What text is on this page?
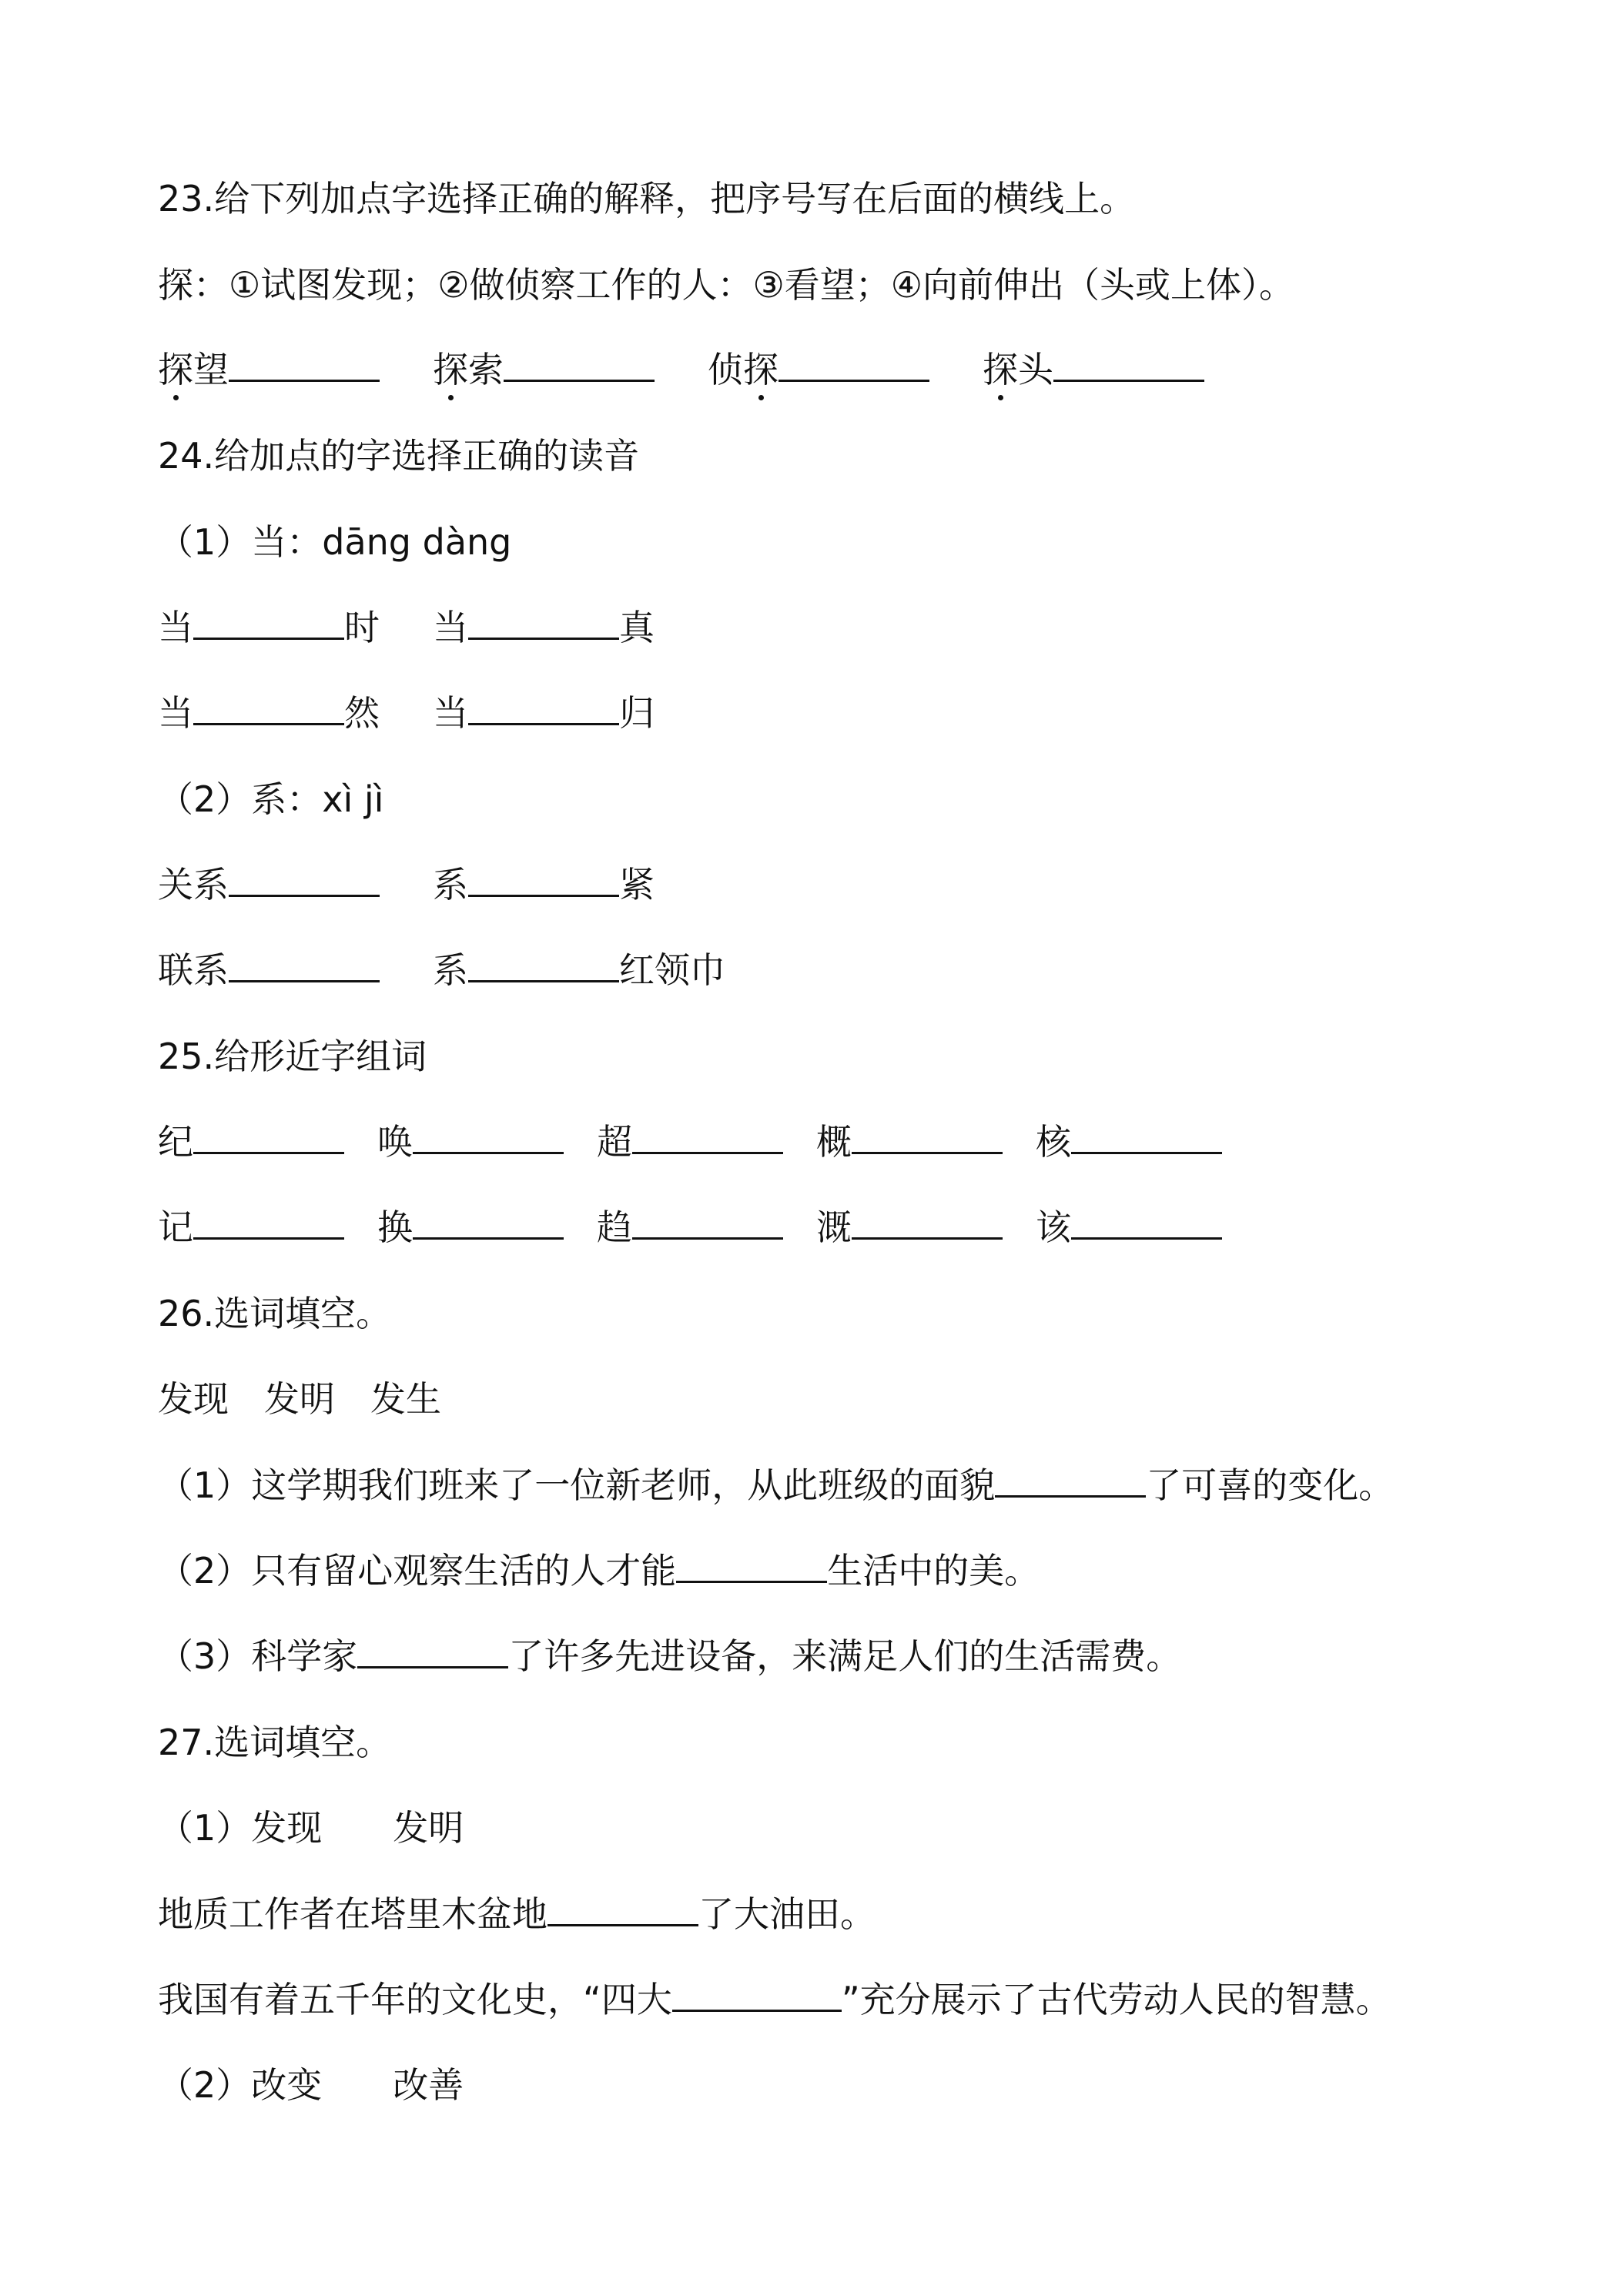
23.给下列加点字选择正确的解释，把序号写在后面的横线上。
探：①试图发现；②做侦察工作的人：③看望；④向前伸出（头或上体）。
探望	探索	侦探	探头
24.给加点的字选择正确的读音
（1）当：dāng dàng
当	时 当	真
当	然 当	归
（2）系：xì jì
关系	系	紧
联系	系	红领巾
25.给形近字组词
纪	唤	超	概	核
记	换	趋	溉	该
26.选词填空。
发现　发明　发生
（1）这学期我们班来了一位新老师，从此班级的面貌	了可喜的变化。
（2）只有留心观察生活的人才能	生活中的美。
（3）科学家	了许多先进设备，来满足人们的生活需费。
27.选词填空。
（1）发现　　发明
地质工作者在塔里木盆地	了大油田。
我国有着五千年的文化史，“四大	”充分展示了古代劳动人民的智慧。
（2）改变　　改善
